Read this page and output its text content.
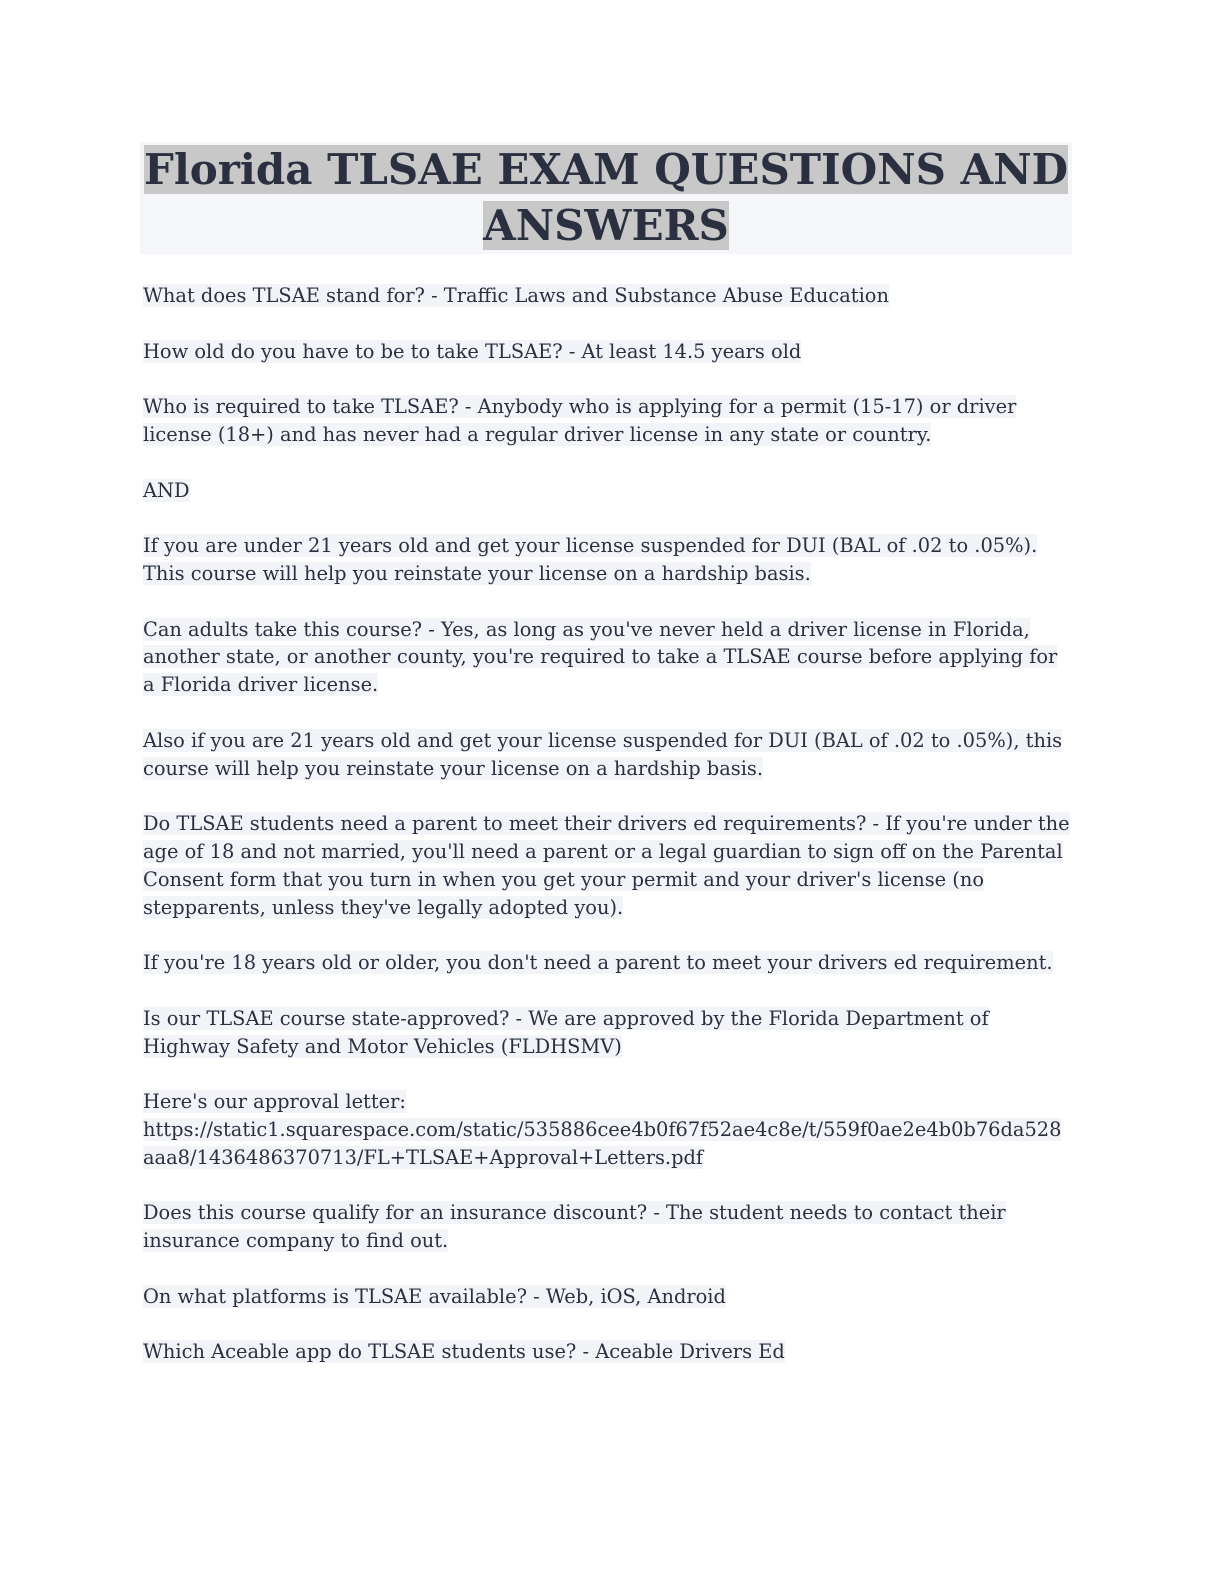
Florida TLSAE EXAM QUESTIONS AND ANSWERS

What does TLSAE stand for? - Traffic Laws and Substance Abuse Education

How old do you have to be to take TLSAE? - At least 14.5 years old

Who is required to take TLSAE? - Anybody who is applying for a permit (15-17) or driver license (18+) and has never had a regular driver license in any state or country.

AND

If you are under 21 years old and get your license suspended for DUI (BAL of .02 to .05%). This course will help you reinstate your license on a hardship basis.

Can adults take this course? - Yes, as long as you've never held a driver license in Florida, another state, or another county, you're required to take a TLSAE course before applying for a Florida driver license.

Also if you are 21 years old and get your license suspended for DUI (BAL of .02 to .05%), this course will help you reinstate your license on a hardship basis.

Do TLSAE students need a parent to meet their drivers ed requirements? - If you're under the age of 18 and not married, you'll need a parent or a legal guardian to sign off on the Parental Consent form that you turn in when you get your permit and your driver's license (no stepparents, unless they've legally adopted you).

If you're 18 years old or older, you don't need a parent to meet your drivers ed requirement.

Is our TLSAE course state-approved? - We are approved by the Florida Department of Highway Safety and Motor Vehicles (FLDHSMV)

Here's our approval letter:
https://static1.squarespace.com/static/535886cee4b0f67f52ae4c8e/t/559f0ae2e4b0b76da528aaa8/1436486370713/FL+TLSAE+Approval+Letters.pdf

Does this course qualify for an insurance discount? - The student needs to contact their insurance company to find out.

On what platforms is TLSAE available? - Web, iOS, Android

Which Aceable app do TLSAE students use? - Aceable Drivers Ed
